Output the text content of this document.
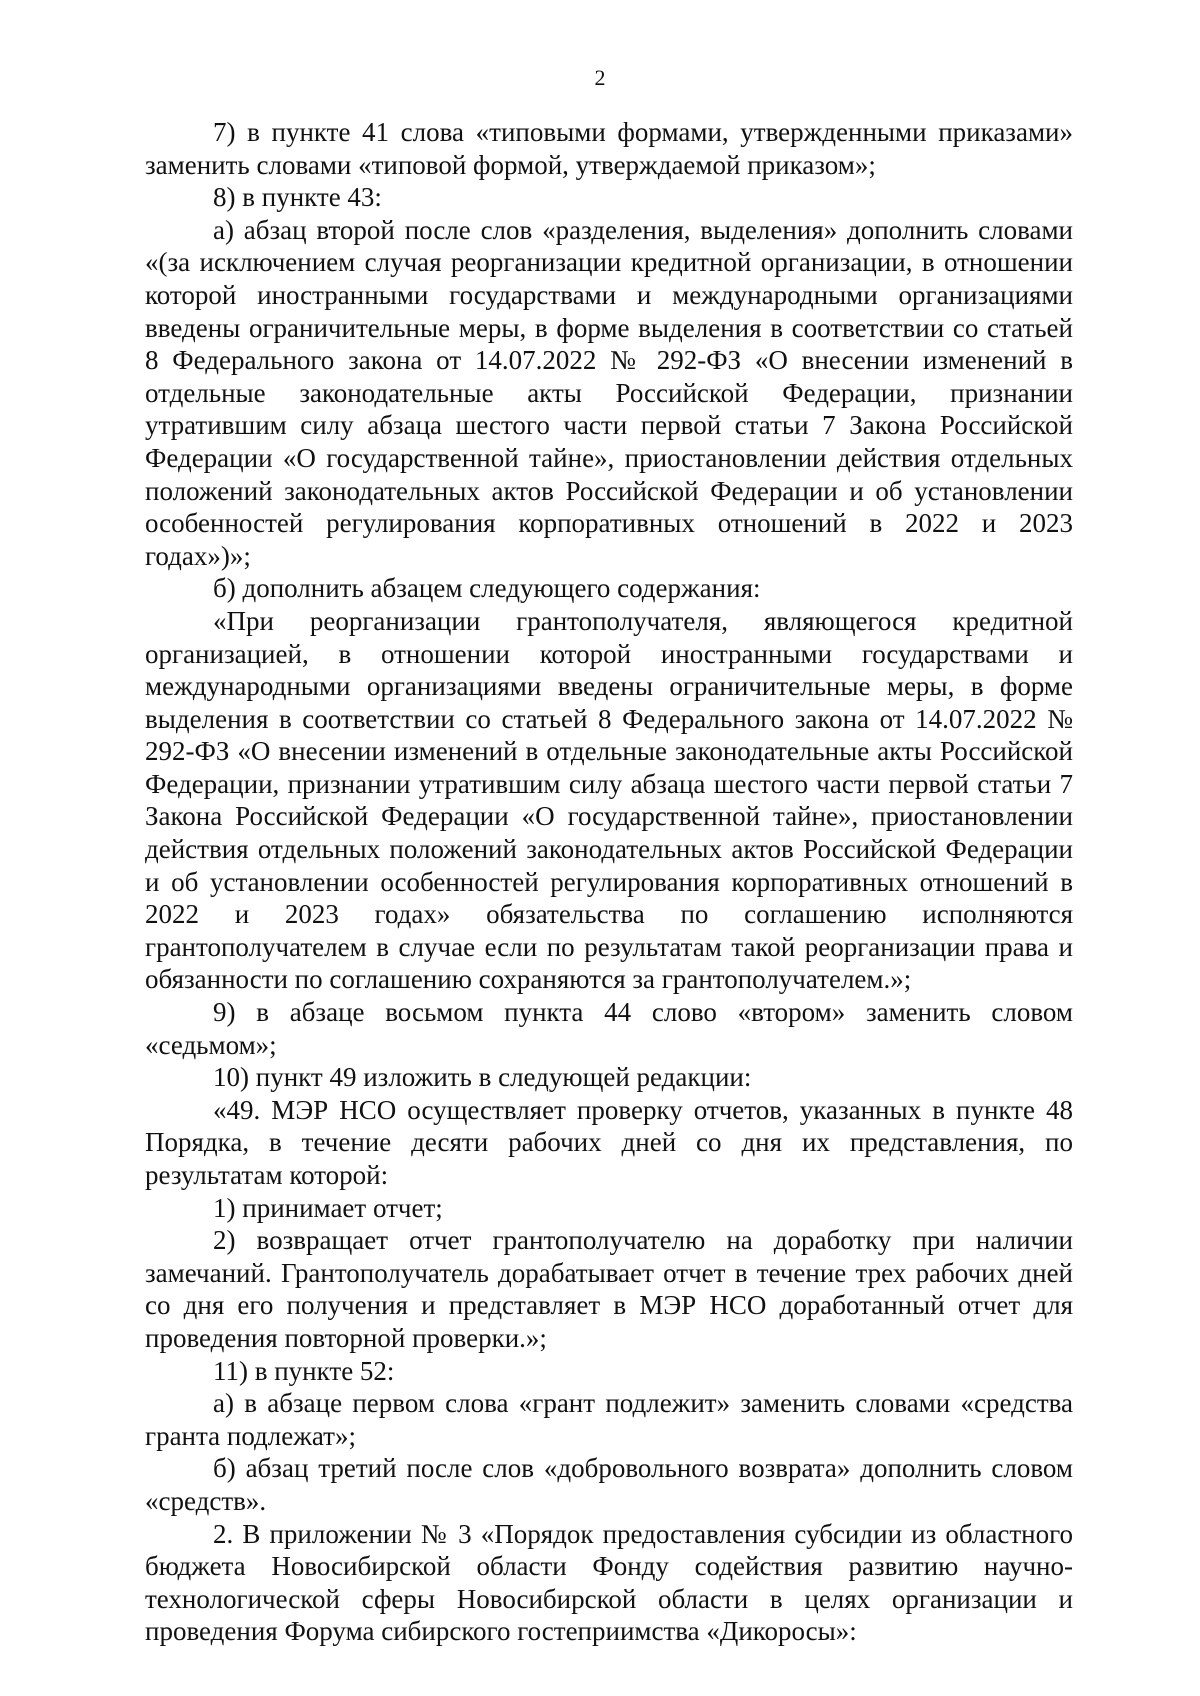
2

7) в пункте 41 слова «типовыми формами, утвержденными приказами» заменить словами «типовой формой, утверждаемой приказом»;

8) в пункте 43:

а) абзац второй после слов «разделения, выделения» дополнить словами «(за исключением случая реорганизации кредитной организации, в отношении которой иностранными государствами и международными организациями введены ограничительные меры, в форме выделения в соответствии со статьей 8 Федерального закона от 14.07.2022 № 292-ФЗ «О внесении изменений в отдельные законодательные акты Российской Федерации, признании утратившим силу абзаца шестого части первой статьи 7 Закона Российской Федерации «О государственной тайне», приостановлении действия отдельных положений законодательных актов Российской Федерации и об установлении особенностей регулирования корпоративных отношений в 2022 и 2023 годах»)»;

б) дополнить абзацем следующего содержания:

«При реорганизации грантополучателя, являющегося кредитной организацией, в отношении которой иностранными государствами и международными организациями введены ограничительные меры, в форме выделения в соответствии со статьей 8 Федерального закона от 14.07.2022 № 292-ФЗ «О внесении изменений в отдельные законодательные акты Российской Федерации, признании утратившим силу абзаца шестого части первой статьи 7 Закона Российской Федерации «О государственной тайне», приостановлении действия отдельных положений законодательных актов Российской Федерации и об установлении особенностей регулирования корпоративных отношений в 2022 и 2023 годах» обязательства по соглашению исполняются грантополучателем в случае если по результатам такой реорганизации права и обязанности по соглашению сохраняются за грантополучателем.»;

9) в абзаце восьмом пункта 44 слово «втором» заменить словом «седьмом»;

10) пункт 49 изложить в следующей редакции:

«49. МЭР НСО осуществляет проверку отчетов, указанных в пункте 48 Порядка, в течение десяти рабочих дней со дня их представления, по результатам которой:

1) принимает отчет;

2) возвращает отчет грантополучателю на доработку при наличии замечаний. Грантополучатель дорабатывает отчет в течение трех рабочих дней со дня его получения и представляет в МЭР НСО доработанный отчет для проведения повторной проверки.»;

11) в пункте 52:

а) в абзаце первом слова «грант подлежит» заменить словами «средства гранта подлежат»;

б) абзац третий после слов «добровольного возврата» дополнить словом «средств».

2. В приложении № 3 «Порядок предоставления субсидии из областного бюджета Новосибирской области Фонду содействия развитию научно-технологической сферы Новосибирской области в целях организации и проведения Форума сибирского гостеприимства «Дикоросы»:
